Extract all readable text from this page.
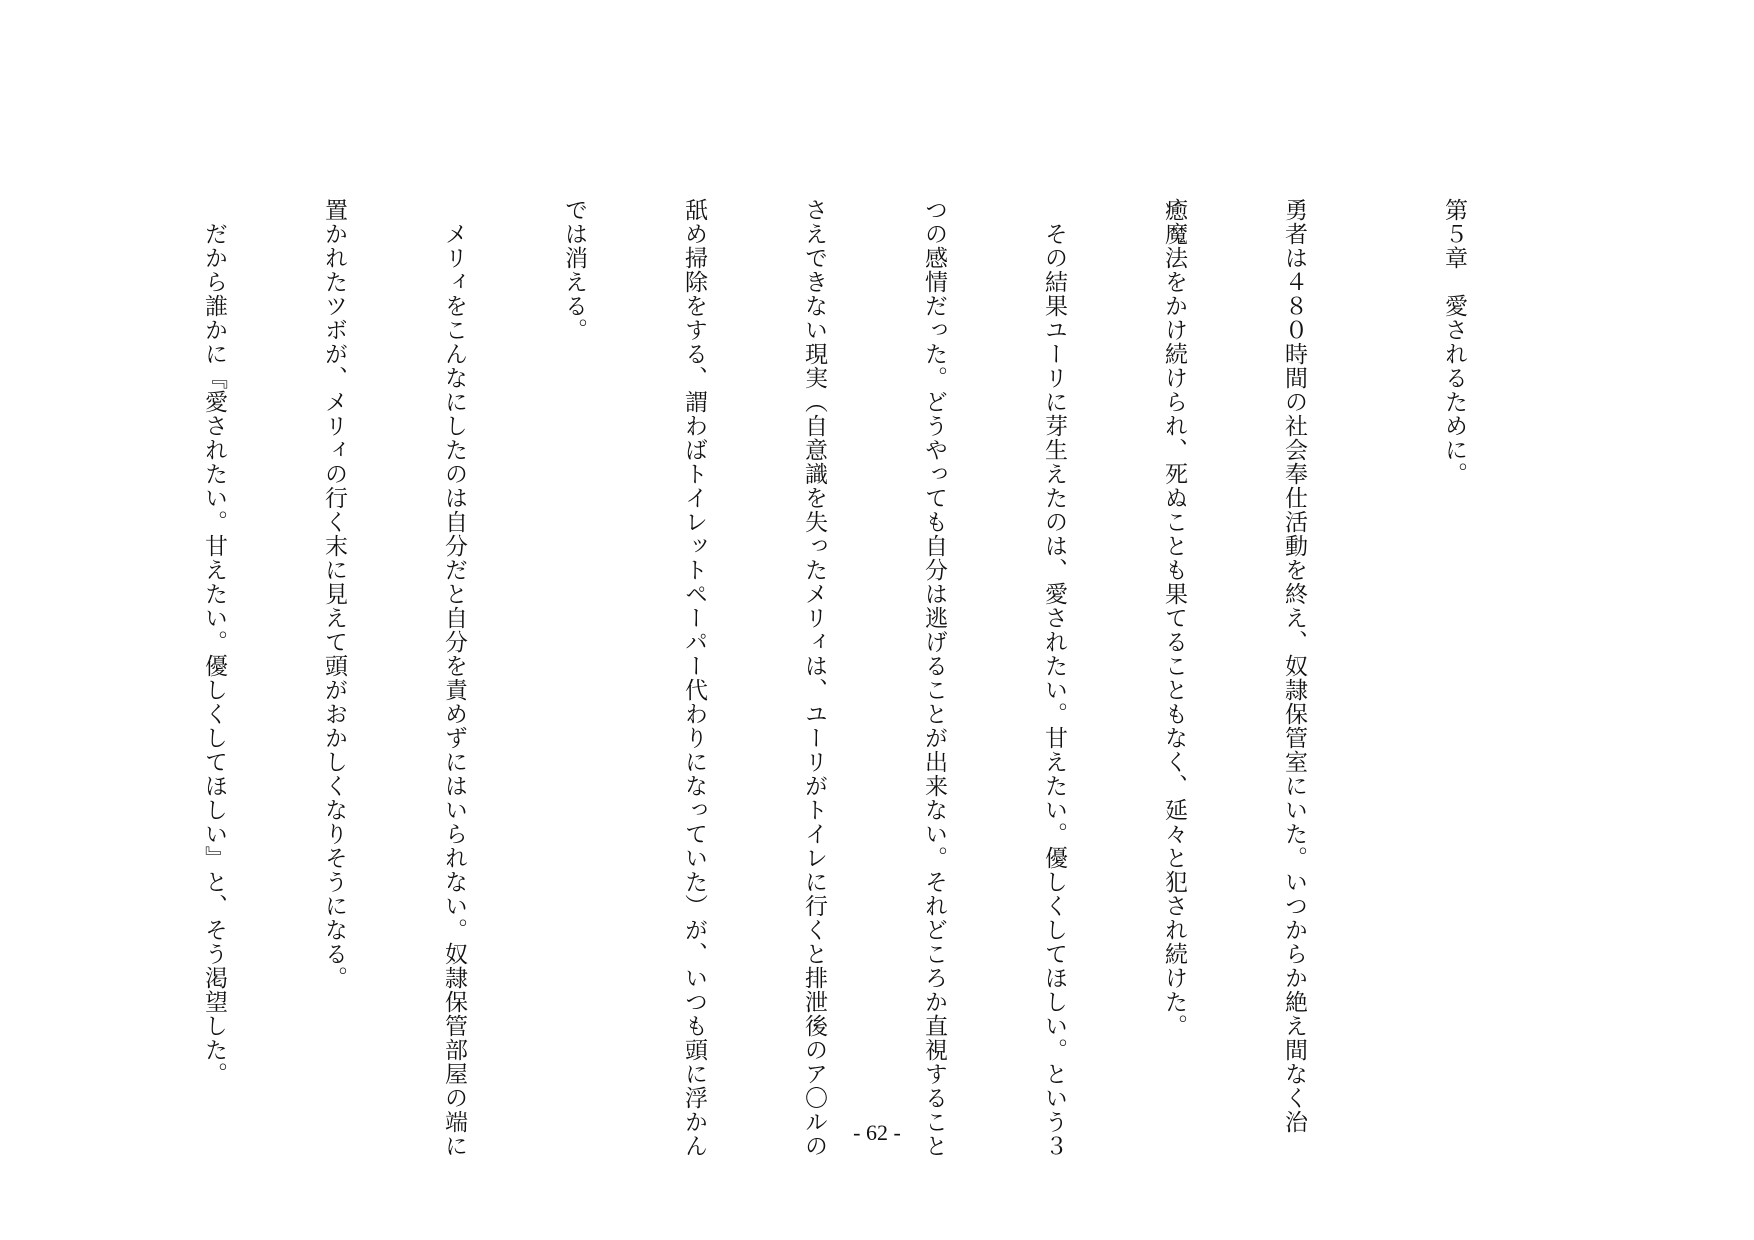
第５章　愛されるために。

勇者は４８０時間の社会奉仕活動を終え、奴隷保管室にいた。いつからか絶え間なく治

癒魔法をかけ続けられ、死ぬことも果てることもなく、延々と犯され続けた。

　その結果ユーリに芽生えたのは、愛されたい。甘えたい。優しくしてほしい。という３

つの感情だった。どうやっても自分は逃げることが出来ない。それどころか直視すること

さえできない現実（自意識を失ったメリィは、ユーリがトイレに行くと排泄後のア〇ルの

舐め掃除をする、謂わばトイレットペーパー代わりになっていた）が、いつも頭に浮かん

では消える。

　メリィをこんなにしたのは自分だと自分を責めずにはいられない。奴隷保管部屋の端に

置かれたツボが、メリィの行く末に見えて頭がおかしくなりそうになる。

　だから誰かに『愛されたい。甘えたい。優しくしてほしい』と、そう渇望した。

- 62 -
